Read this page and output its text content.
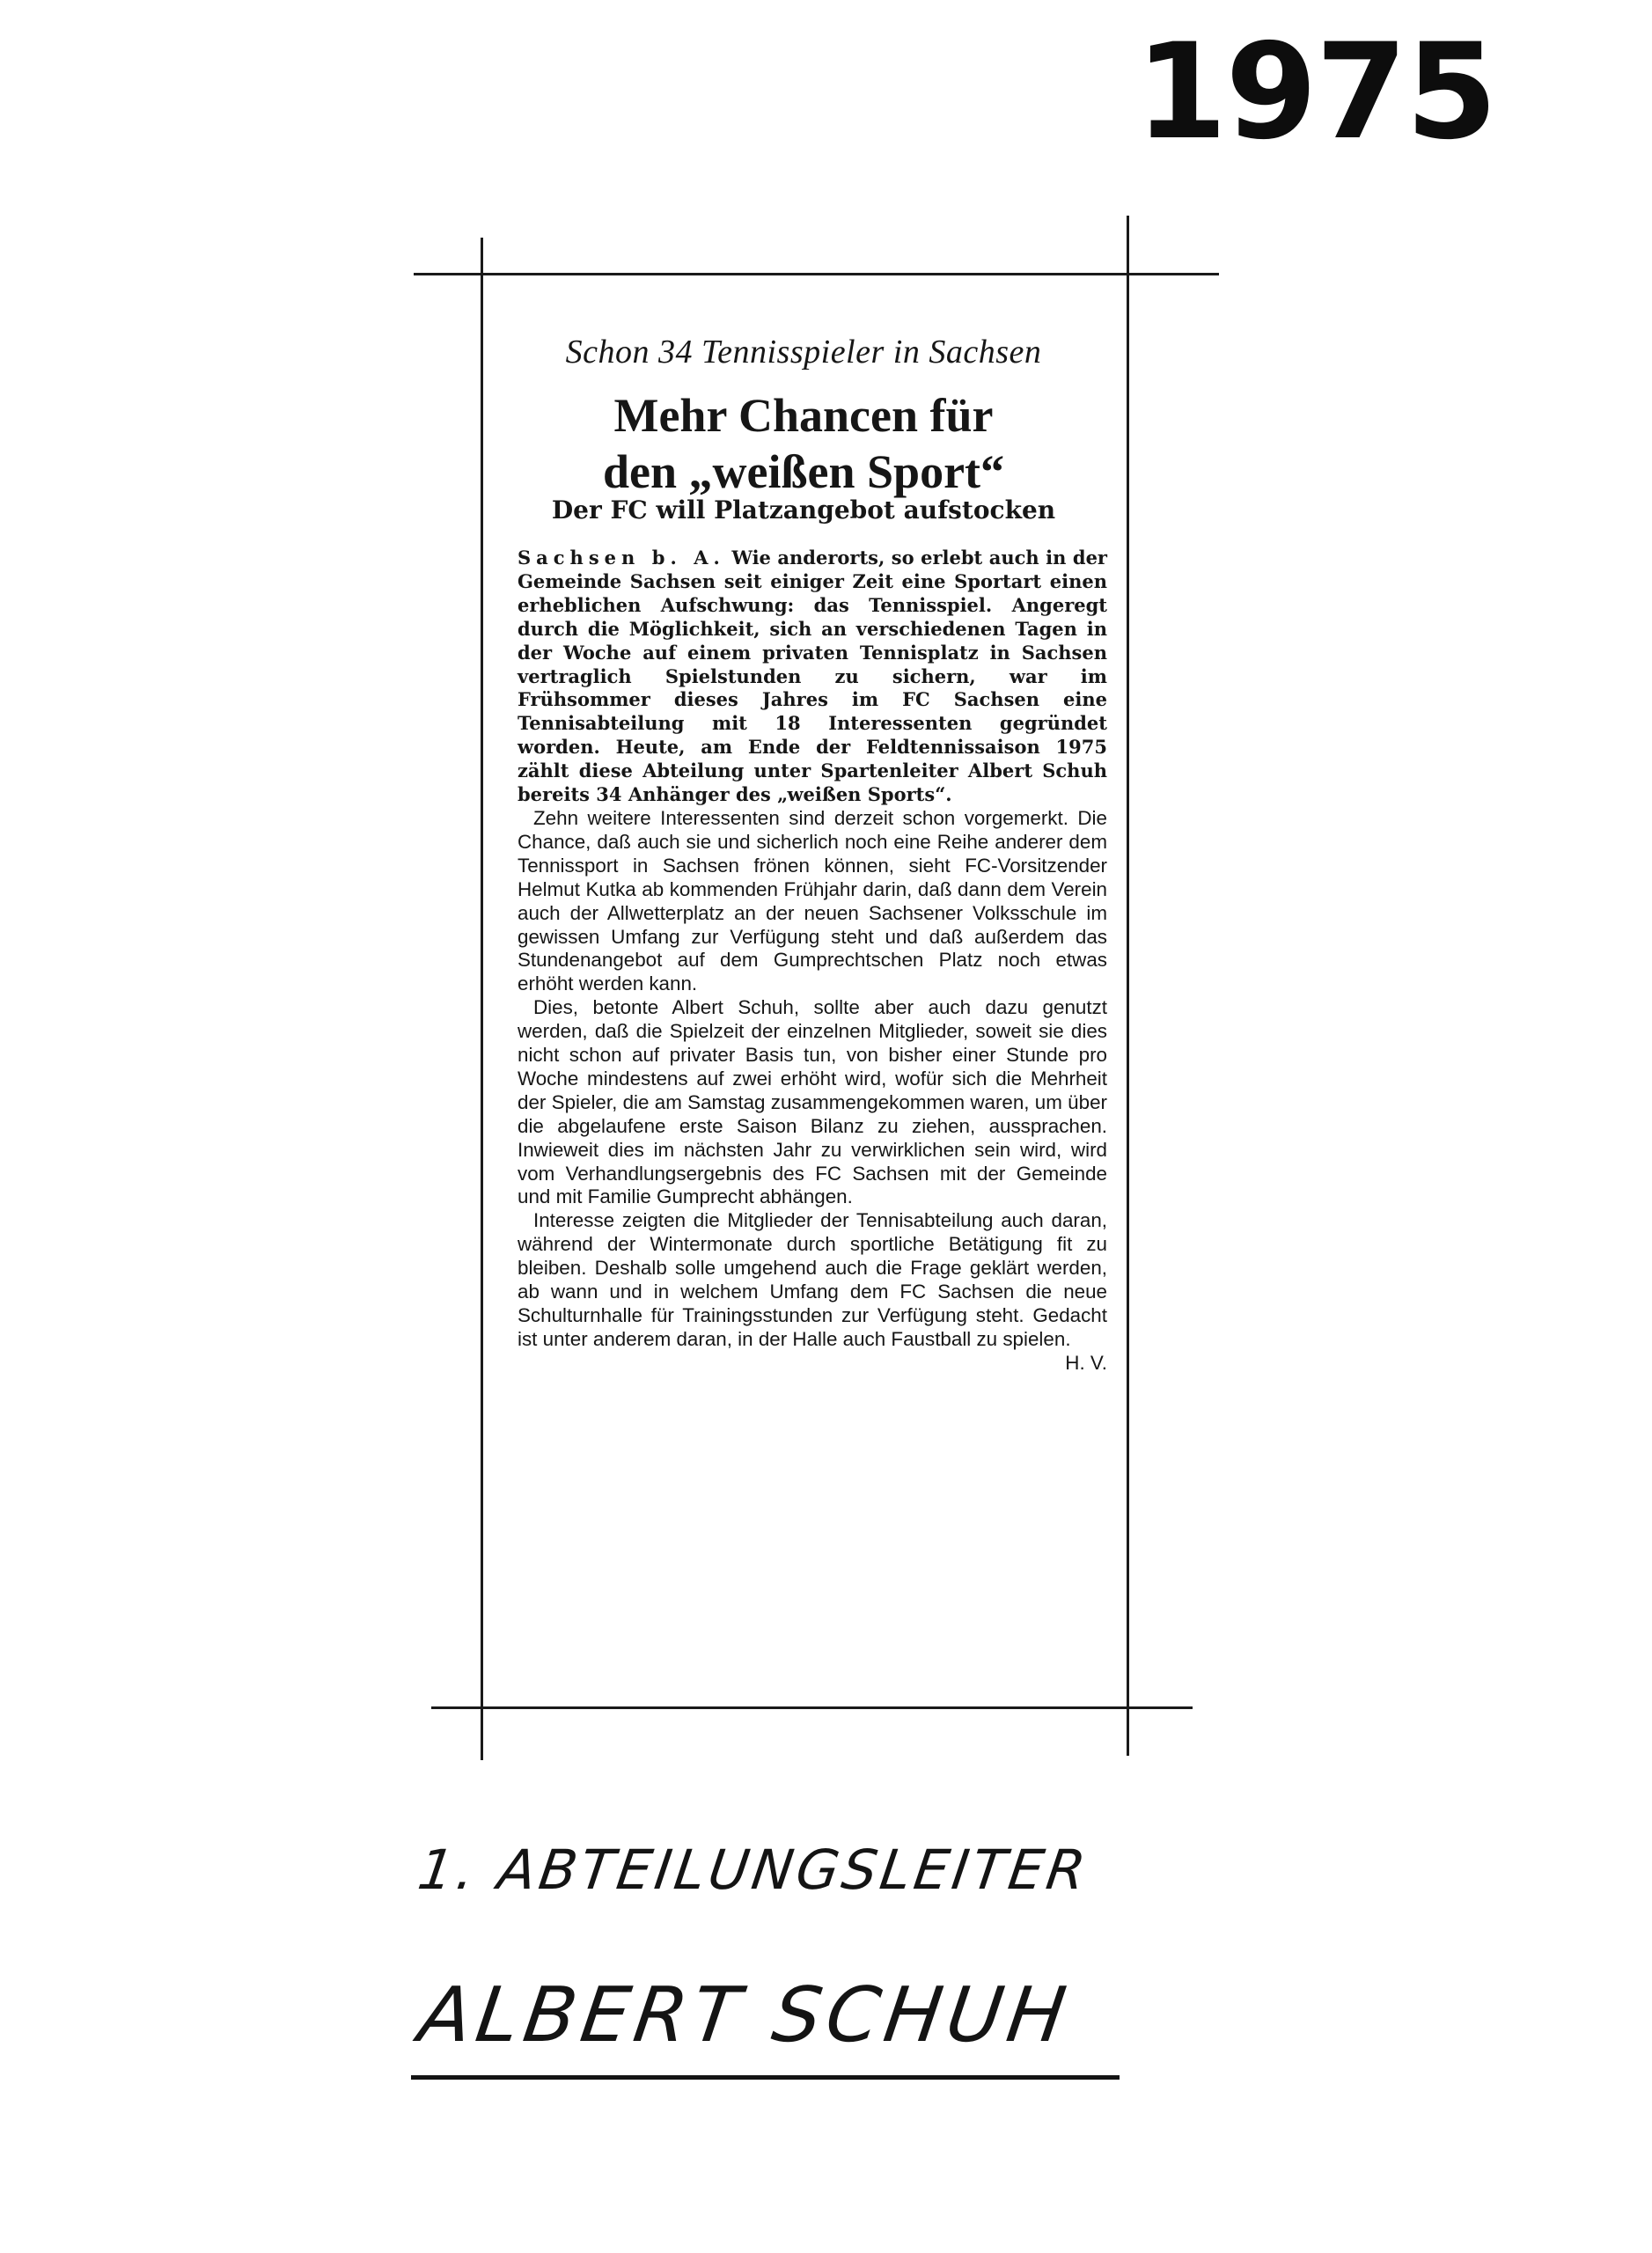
1975
Schon 34 Tennisspieler in Sachsen
Mehr Chancen für
den „weißen Sport“
Der FC will Platzangebot aufstocken

Sachsen b. A. Wie anderorts, so erlebt auch in der Gemeinde Sachsen seit einiger Zeit eine Sportart einen erheblichen Aufschwung: das Tennisspiel. Angeregt durch die Möglichkeit, sich an verschiedenen Tagen in der Woche auf einem privaten Tennisplatz in Sachsen vertraglich Spielstunden zu sichern, war im Frühsommer dieses Jahres im FC Sachsen eine Tennisabteilung mit 18 Interessenten gegründet worden. Heute, am Ende der Feldtennissaison 1975 zählt diese Abteilung unter Spartenleiter Albert Schuh bereits 34 Anhänger des „weißen Sports“.

Zehn weitere Interessenten sind derzeit schon vorgemerkt. Die Chance, daß auch sie und sicherlich noch eine Reihe anderer dem Tennissport in Sachsen frönen können, sieht FC-Vorsitzender Helmut Kutka ab kommenden Frühjahr darin, daß dann dem Verein auch der Allwetterplatz an der neuen Sachsener Volksschule im gewissen Umfang zur Verfügung steht und daß außerdem das Stundenangebot auf dem Gumprechtschen Platz noch etwas erhöht werden kann.

Dies, betonte Albert Schuh, sollte aber auch dazu genutzt werden, daß die Spielzeit der einzelnen Mitglieder, soweit sie dies nicht schon auf privater Basis tun, von bisher einer Stunde pro Woche mindestens auf zwei erhöht wird, wofür sich die Mehrheit der Spieler, die am Samstag zusammengekommen waren, um über die abgelaufene erste Saison Bilanz zu ziehen, aussprachen. Inwieweit dies im nächsten Jahr zu verwirklichen sein wird, wird vom Verhandlungsergebnis des FC Sachsen mit der Gemeinde und mit Familie Gumprecht abhängen.

Interesse zeigten die Mitglieder der Tennisabteilung auch daran, während der Wintermonate durch sportliche Betätigung fit zu bleiben. Deshalb solle umgehend auch die Frage geklärt werden, ab wann und in welchem Umfang dem FC Sachsen die neue Schulturnhalle für Trainingsstunden zur Verfügung steht. Gedacht ist unter anderem daran, in der Halle auch Faustball zu spielen.
H. V.

1. ABTEILUNGSLEITER
ALBERT SCHUH
